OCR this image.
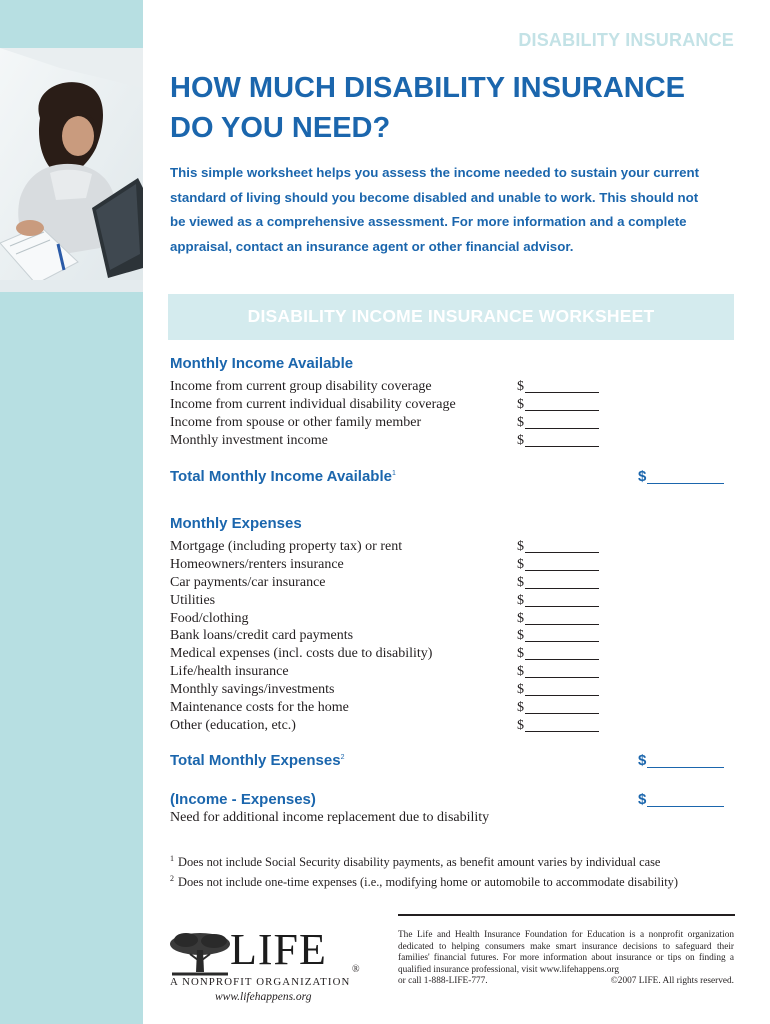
DISABILITY INSURANCE
HOW MUCH DISABILITY INSURANCE
DO YOU NEED?
This simple worksheet helps you assess the income needed to sustain your current
standard of living should you become disabled and unable to work. This should not
be viewed as a comprehensive assessment. For more information and a complete
appraisal, contact an insurance agent or other financial advisor.
DISABILITY INCOME INSURANCE WORKSHEET
Monthly Income Available
Income from current group disability coverage	$
Income from current individual disability coverage	$
Income from spouse or other family member	$
Monthly investment income	$
Total Monthly Income Available$^1$	$
Monthly Expenses
Mortgage (including property tax) or rent	$
Homeowners/renters insurance	$
Car payments/car insurance	$
Utilities	$
Food/clothing	$
Bank loans/credit card payments	$
Medical expenses (incl. costs due to disability)	$
Life/health insurance	$
Monthly savings/investments	$
Maintenance costs for the home	$
Other (education, etc.)	$
Total Monthly Expenses$^2$	$
(Income - Expenses)	$
Need for additional income replacement due to disability
$^1$ Does not include Social Security disability payments, as benefit amount varies by individual case
$^2$ Does not include one-time expenses (i.e., modifying home or automobile to accommodate disability)
The Life and Health Insurance Foundation for Education is a nonprofit organization dedicated to helping consumers make smart insurance decisions to safeguard their families' financial futures. For more information about insurance or tips on finding a qualified insurance professional, visit www.lifehappens.org
or call 1-888-LIFE-777.	©2007 LIFE. All rights reserved.
LIFE	®
A NONPROFIT ORGANIZATION
www.lifehappens.org
